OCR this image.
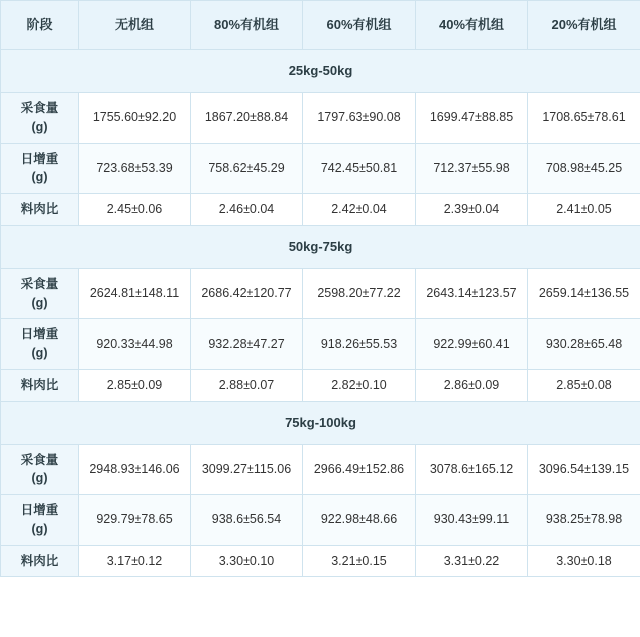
阶段	无机组	80%有机组	60%有机组	40%有机组	20%有机组
25kg-50kg					

采食量
(g)	1755.60±92.20	1867.20±88.84	1797.63±90.08	1699.47±88.85	1708.65±78.61

日增重
(g)	723.68±53.39	758.62±45.29	742.45±50.81	712.37±55.98	708.98±45.25

料肉比	2.45±0.06	2.46±0.04	2.42±0.04	2.39±0.04	2.41±0.05
50kg-75kg					

采食量
(g)	2624.81±148.11	2686.42±120.77	2598.20±77.22	2643.14±123.57	2659.14±136.55

日增重
(g)	920.33±44.98	932.28±47.27	918.26±55.53	922.99±60.41	930.28±65.48

料肉比	2.85±0.09	2.88±0.07	2.82±0.10	2.86±0.09	2.85±0.08
75kg-100kg					

采食量
(g)	2948.93±146.06	3099.27±115.06	2966.49±152.86	3078.6±165.12	3096.54±139.15

日增重
(g)	929.79±78.65	938.6±56.54	922.98±48.66	930.43±99.11	938.25±78.98

料肉比	3.17±0.12	3.30±0.10	3.21±0.15	3.31±0.22	3.30±0.18
